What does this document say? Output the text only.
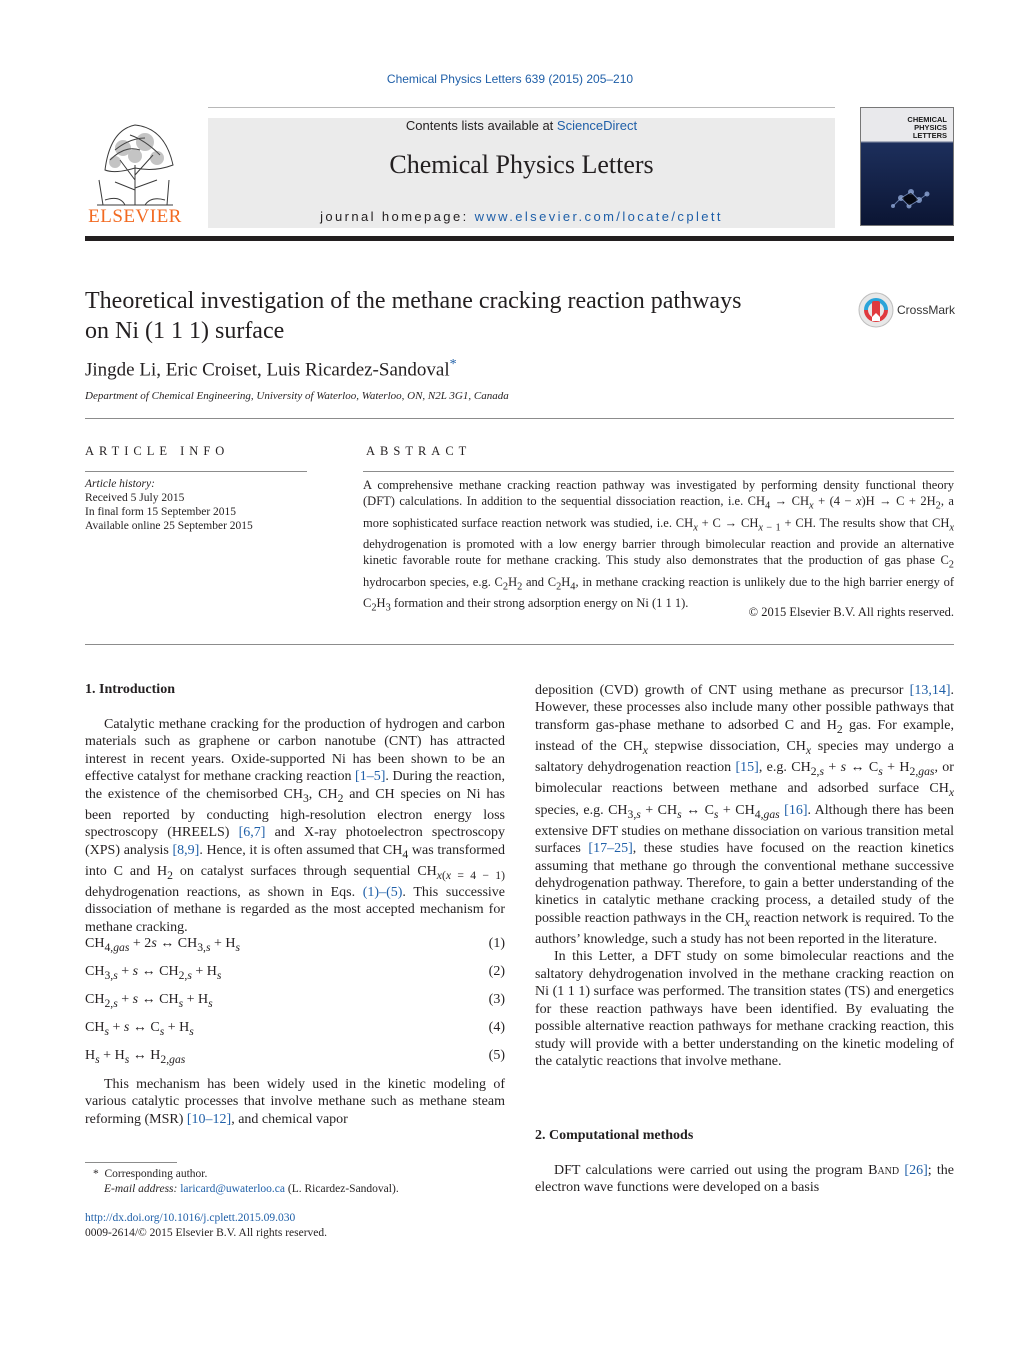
Chemical Physics Letters 639 (2015) 205–210
ELSEVIER
Contents lists available at ScienceDirect
Chemical Physics Letters
journal homepage: www.elsevier.com/locate/cplett
CHEMICAL
PHYSICS
LETTERS
Theoretical investigation of the methane cracking reaction pathways
on Ni (1 1 1) surface
CrossMark
Jingde Li, Eric Croiset, Luis Ricardez-Sandoval*
Department of Chemical Engineering, University of Waterloo, Waterloo, ON, N2L 3G1, Canada
ARTICLE INFO	ABSTRACT
Article history:
Received 5 July 2015
In final form 15 September 2015
Available online 25 September 2015
A comprehensive methane cracking reaction pathway was investigated by performing density functional theory (DFT) calculations. In addition to the sequential dissociation reaction, i.e. $CH_4 \to CH_x + (4 - x)H \to C + 2H_2$, a more sophisticated surface reaction network was studied, i.e. $CH_x + C \to CH_{x - 1}$ + CH. The results show that $CH_x$ dehydrogenation is promoted with a low energy barrier through bimolecular reaction and provide an alternative kinetic favorable route for methane cracking. This study also demonstrates that the production of gas phase $C_2$ hydrocarbon species, e.g. $C_2H_2$ and $C_2H_4$, in methane cracking reaction is unlikely due to the high barrier energy of $C_2H_3$ formation and their strong adsorption energy on Ni (1 1 1).
© 2015 Elsevier B.V. All rights reserved.
1. Introduction

Catalytic methane cracking for the production of hydrogen and carbon materials such as graphene or carbon nanotube (CNT) has attracted interest in recent years. Oxide-supported Ni has been shown to be an effective catalyst for methane cracking reaction [1–5]. During the reaction, the existence of the chemisorbed $CH_3$, $CH_2$ and CH species on Ni has been reported by conducting high-resolution electron energy loss spectroscopy (HREELS) [6,7] and X-ray photoelectron spectroscopy (XPS) analysis [8,9]. Hence, it is often assumed that $CH_4$ was transformed into C and $H_2$ on catalyst surfaces through sequential $CH_{x(x = 4 - 1)}$ dehydrogenation reactions, as shown in Eqs. (1)–(5). This successive dissociation of methane is regarded as the most accepted mechanism for methane cracking.

$CH_{4,gas} + 2s$ ↔ $CH_{3,s} + H_s$	(1)
$CH_{3,s} + s$ ↔ $CH_{2,s} + H_s$	(2)
$CH_{2,s} + s$ ↔ $CH_s + H_s$	(3)
$CH_s + s$ ↔ $C_s + H_s$	(4)
$H_s + H_s$ ↔ $H_{2,gas}$	(5)

This mechanism has been widely used in the kinetic modeling of various catalytic processes that involve methane such as methane steam reforming (MSR) [10–12], and chemical vapor

* Corresponding author.
E-mail address: laricard@uwaterloo.ca (L. Ricardez-Sandoval).
http://dx.doi.org/10.1016/j.cplett.2015.09.030
0009-2614/© 2015 Elsevier B.V. All rights reserved.

deposition (CVD) growth of CNT using methane as precursor [13,14]. However, these processes also include many other possible pathways that transform gas-phase methane to adsorbed C and $H_2$ gas. For example, instead of the $CH_x$ stepwise dissociation, $CH_x$ species may undergo a saltatory dehydrogenation reaction [15], e.g. $CH_{2,s} + s$ ↔ $C_s + H_{2,gas}$, or bimolecular reactions between methane and adsorbed surface $CH_x$ species, e.g. $CH_{3,s} + CH_s$ ↔ $C_s + CH_{4,gas}$ [16]. Although there has been extensive DFT studies on methane dissociation on various transition metal surfaces [17–25], these studies have focused on the reaction kinetics assuming that methane go through the conventional methane successive dehydrogenation pathway. Therefore, to gain a better understanding of the kinetics in catalytic methane cracking process, a detailed study of the possible reaction pathways in the $CH_x$ reaction network is required. To the authors’ knowledge, such a study has not been reported in the literature.

In this Letter, a DFT study on some bimolecular reactions and the saltatory dehydrogenation involved in the methane cracking reaction on Ni (1 1 1) surface was performed. The transition states (TS) and energetics for these reaction pathways have been identified. By evaluating the possible alternative reaction pathways for methane cracking reaction, this study will provide with a better understanding on the kinetic modeling of the catalytic reactions that involve methane.

2. Computational methods

DFT calculations were carried out using the program Band [26]; the electron wave functions were developed on a basis
